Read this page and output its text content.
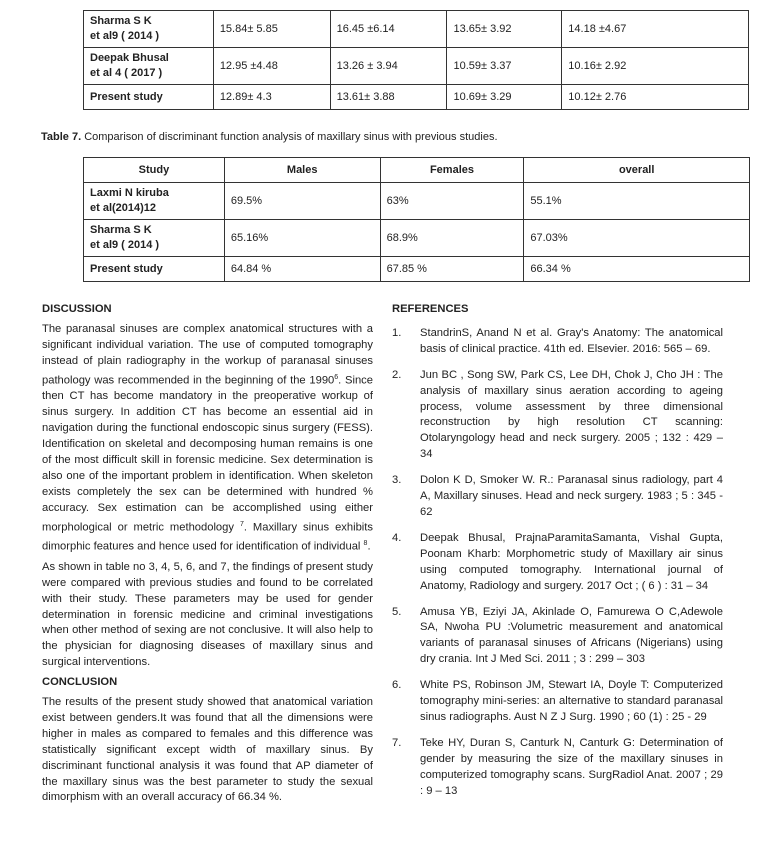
Sharma S K
et al9 ( 2014 )	15.84± 5.85	16.45 ±6.14	13.65± 3.92	14.18 ±4.67
Deepak Bhusal
et al 4 ( 2017 )	12.95 ±4.48	13.26 ± 3.94	10.59± 3.37	10.16± 2.92
Present study	12.89± 4.3	13.61± 3.88	10.69± 3.29	10.12± 2.76
Table 7. Comparison of discriminant function analysis of maxillary sinus with previous studies.
Study	Males	Females	overall
Laxmi N kiruba
et al(2014)12	69.5%	63%	55.1%
Sharma S K
et al9 ( 2014 )	65.16%	68.9%	67.03%
Present study	64.84 %	67.85 %	66.34 %
DISCUSSION

The paranasal sinuses are complex anatomical structures with a significant individual variation. The use of computed tomography instead of plain radiography in the workup of paranasal sinuses pathology was recommended in the beginning of the 1990$^6$. Since then CT has become mandatory in the preoperative workup of sinus surgery. In addition CT has become an essential aid in navigation during the functional endoscopic sinus surgery (FESS). Identification on skeletal and decomposing human remains is one of the most difficult skill in forensic medicine. Sex determination is also one of the important problem in identification. When skeleton exists completely the sex can be determined with hundred % accuracy. Sex estimation can be accomplished using either morphological or metric methodology $^7$. Maxillary sinus exhibits dimorphic features and hence used for identification of individual $^8$.

As shown in table no 3, 4, 5, 6, and 7, the findings of present study were compared with previous studies and found to be correlated with their study. These parameters may be used for gender determination in forensic medicine and criminal investigations when other method of sexing are not conclusive. It will also help to the physician for diagnosing diseases of maxillary sinus and surgical interventions.

CONCLUSION

The results of the present study showed that anatomical variation exist between genders.It was found that all the dimensions were higher in males as compared to females and this difference was statistically significant except width of maxillary sinus. By discriminant functional analysis it was found that AP diameter of the maxillary sinus was the best parameter to study the sexual dimorphism with an overall accuracy of 66.34 %.

REFERENCES
1.	StandrinS, Anand N et al. Gray's Anatomy: The anatomical basis of clinical practice. 41th ed. Elsevier. 2016: 565 – 69.
2.	Jun BC , Song SW, Park CS, Lee DH, Chok J, Cho JH : The analysis of maxillary sinus aeration according to ageing process, volume assessment by three dimensional reconstruction by high resolution CT scanning: Otolaryngology head and neck surgery. 2005 ; 132 : 429 – 34
3.	Dolon K D, Smoker W. R.: Paranasal sinus radiology, part 4 A, Maxillary sinuses. Head and neck surgery. 1983 ; 5 : 345 - 62
4.	Deepak Bhusal, PrajnaParamitaSamanta, Vishal Gupta, Poonam Kharb: Morphometric study of Maxillary air sinus using computed tomography. International journal of Anatomy, Radiology and surgery. 2017 Oct ; ( 6 ) : 31 – 34
5.	Amusa YB, Eziyi JA, Akinlade O, Famurewa O C,Adewole SA, Nwoha PU :Volumetric measurement and anatomical variants of paranasal sinuses of Africans (Nigerians) using dry crania. Int J Med Sci. 2011 ; 3 : 299 – 303
6.	White PS, Robinson JM, Stewart IA, Doyle T: Computerized tomography mini-series: an alternative to standard paranasal sinus radiographs. Aust N Z J Surg. 1990 ; 60 (1) : 25 - 29
7.	Teke HY, Duran S, Canturk N, Canturk G: Determination of gender by measuring the size of the maxillary sinuses in computerized tomography scans. SurgRadiol Anat. 2007 ; 29 : 9 – 13
